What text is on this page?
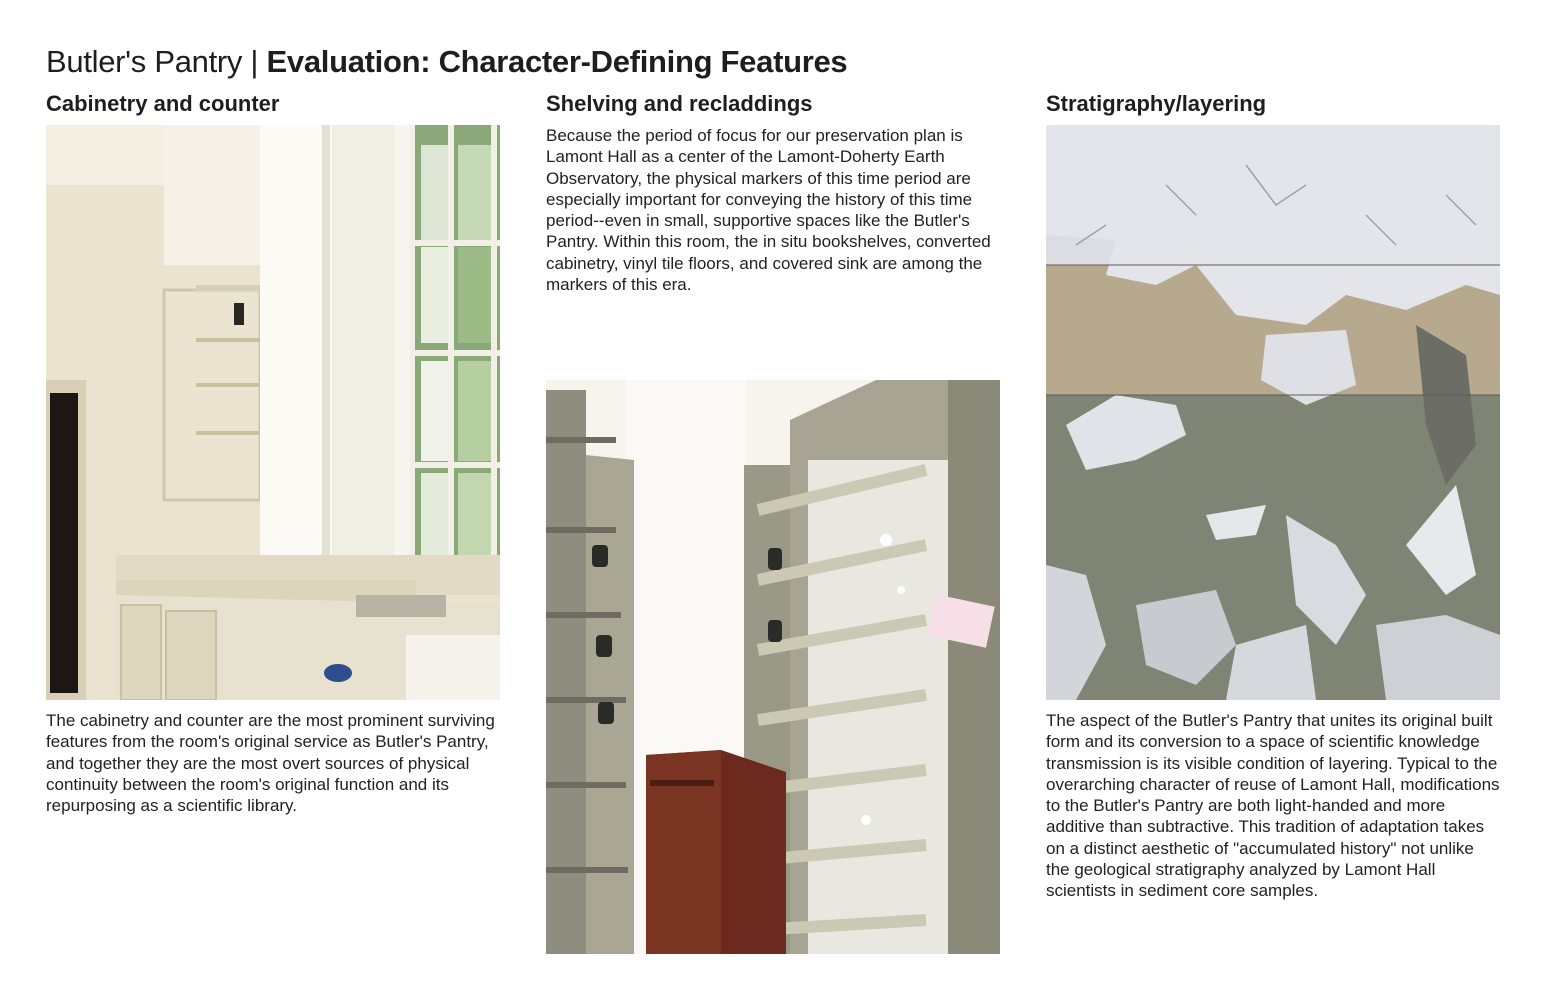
Butler's Pantry | Evaluation: Character-Defining Features
Cabinetry and counter

The cabinetry and counter are the most prominent surviving features from the room's original service as Butler's Pantry, and together they are the most overt sources of physical continuity between the room's original function and its repurposing as a scientific library.

Shelving and recladdings

Because the period of focus for our preservation plan is Lamont Hall as a center of the Lamont-Doherty Earth Observatory, the physical markers of this time period are especially important for conveying the history of this time period--even in small, supportive spaces like the Butler's Pantry. Within this room, the in situ bookshelves, converted cabinetry, vinyl tile floors, and covered sink are among the markers of this era.

Stratigraphy/layering

The aspect of the Butler's Pantry that unites its original built form and its conversion to a space of scientific knowledge transmission is its visible condition of layering. Typical to the overarching character of reuse of Lamont Hall, modifications to the Butler's Pantry are both light-handed and more additive than subtractive. This tradition of adaptation takes on a distinct aesthetic of "accumulated history" not unlike the geological stratigraphy analyzed by Lamont Hall scientists in sediment core samples.
